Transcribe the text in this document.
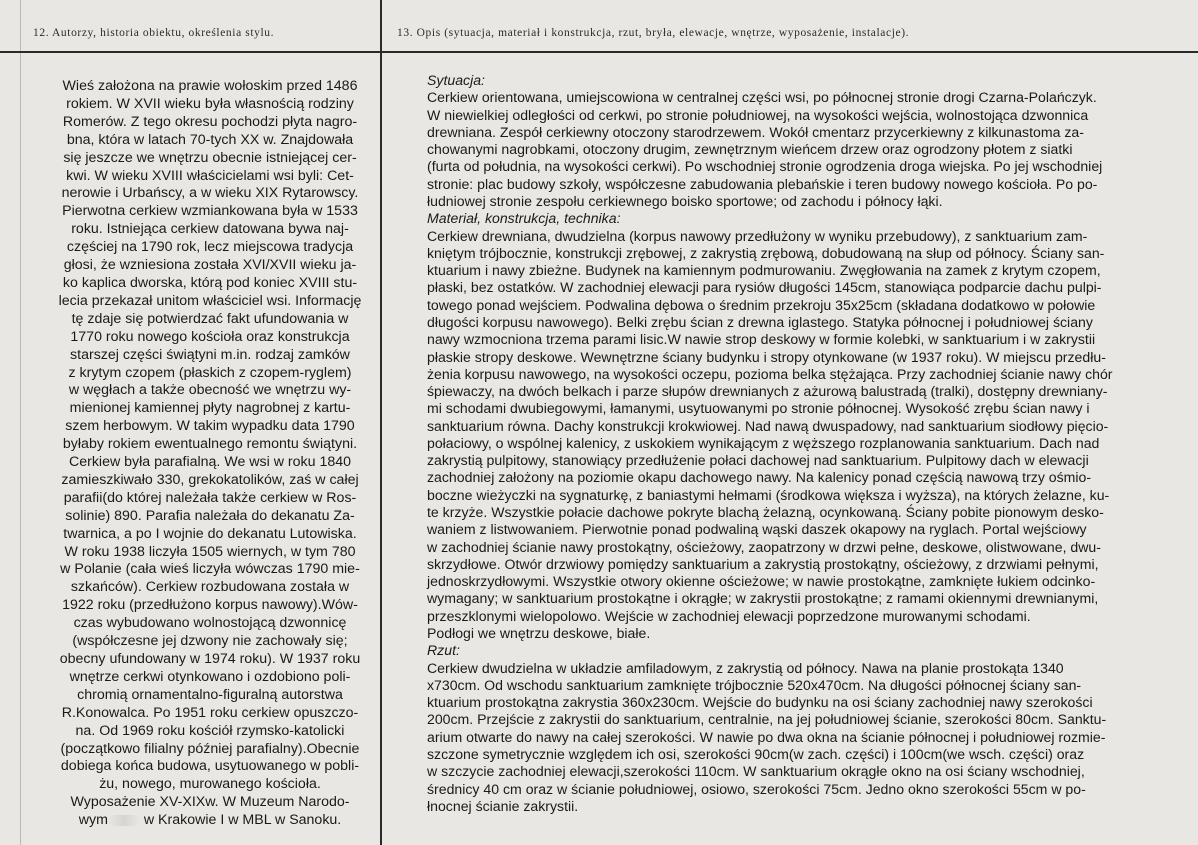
12. Autorzy, historia obiektu, określenia stylu.	13. Opis (sytuacja, materiał i konstrukcja, rzut, bryła, elewacje, wnętrze, wyposażenie, instalacje).
Wieś założona na prawie wołoskim przed 1486
rokiem. W XVII wieku była własnością rodziny
Romerów. Z tego okresu pochodzi płyta nagro-
bna, która w latach 70-tych XX w. Znajdowała
się jeszcze we wnętrzu obecnie istniejącej cer-
kwi. W wieku XVIII właścicielami wsi byli: Cet-
nerowie i Urbańscy, a w wieku XIX Rytarowscy.
Pierwotna cerkiew wzmiankowana była w 1533
roku. Istniejąca cerkiew datowana bywa naj-
częściej na 1790 rok, lecz miejscowa tradycja
głosi, że wzniesiona została XVI/XVII wieku ja-
ko kaplica dworska, którą pod koniec XVIII stu-
lecia przekazał unitom właściciel wsi. Informację
tę zdaje się potwierdzać fakt ufundowania w
1770 roku nowego kościoła oraz konstrukcja
starszej części świątyni m.in. rodzaj zamków
z krytym czopem (płaskich z czopem-ryglem)
w węgłach a także obecność we wnętrzu wy-
mienionej kamiennej płyty nagrobnej z kartu-
szem herbowym. W takim wypadku data 1790
byłaby rokiem ewentualnego remontu świątyni.
Cerkiew była parafialną. We wsi w roku 1840
zamieszkiwało 330, grekokatolików, zaś w całej
parafii(do której należała także cerkiew w Ros-
solinie) 890. Parafia należała do dekanatu Za-
twarnica, a po I wojnie do dekanatu Lutowiska.
W roku 1938 liczyła 1505 wiernych, w tym 780
w Polanie (cała wieś liczyła wówczas 1790 mie-
szkańców). Cerkiew rozbudowana została w
1922 roku (przedłużono korpus nawowy).Wów-
czas wybudowano wolnostojącą dzwonnicę
(współczesne jej dzwony nie zachowały się;
obecny ufundowany w 1974 roku). W 1937 roku
wnętrze cerkwi otynkowano i ozdobiono poli-
chromią ornamentalno-figuralną autorstwa
R.Konowalca. Po 1951 roku cerkiew opuszczo-
na. Od 1969 roku kościół rzymsko-katolicki
(początkowo filialny później parafialny).Obecnie
dobiega końca budowa, usytuowanego w pobli-
żu, nowego, murowanego kościoła.
Wyposażenie XV-XIXw. W Muzeum Narodo-
wym w Krakowie I w MBL w Sanoku.
Sytuacja:
Cerkiew orientowana, umiejscowiona w centralnej części wsi, po północnej stronie drogi Czarna-Polańczyk.
W niewielkiej odległości od cerkwi, po stronie południowej, na wysokości wejścia, wolnostojąca dzwonnica
drewniana. Zespół cerkiewny otoczony starodrzewem. Wokół cmentarz przycerkiewny z kilkunastoma za-
chowanymi nagrobkami, otoczony drugim, zewnętrznym wieńcem drzew oraz ogrodzony płotem z siatki
(furta od południa, na wysokości cerkwi). Po wschodniej stronie ogrodzenia droga wiejska. Po jej wschodniej
stronie: plac budowy szkoły, współczesne zabudowania plebańskie i teren budowy nowego kościoła. Po po-
łudniowej stronie zespołu cerkiewnego boisko sportowe; od zachodu i północy łąki.
Materiał, konstrukcja, technika:
Cerkiew drewniana, dwudzielna (korpus nawowy przedłużony w wyniku przebudowy), z sanktuarium zam-
kniętym trójbocznie, konstrukcji zrębowej, z zakrystią zrębową, dobudowaną na słup od północy. Ściany san-
ktuarium i nawy zbieżne. Budynek na kamiennym podmurowaniu. Zwęgłowania na zamek z krytym czopem,
płaski, bez ostatków. W zachodniej elewacji para rysiów długości 145cm, stanowiąca podparcie dachu pulpi-
towego ponad wejściem. Podwalina dębowa o średnim przekroju 35x25cm (składana dodatkowo w połowie
długości korpusu nawowego). Belki zrębu ścian z drewna iglastego. Statyka północnej i południowej ściany
nawy wzmocniona trzema parami lisic.W nawie strop deskowy w formie kolebki, w sanktuarium i w zakrystii
płaskie stropy deskowe. Wewnętrzne ściany budynku i stropy otynkowane (w 1937 roku). W miejscu przedłu-
żenia korpusu nawowego, na wysokości oczepu, pozioma belka stężająca. Przy zachodniej ścianie nawy chór
śpiewaczy, na dwóch belkach i parze słupów drewnianych z ażurową balustradą (tralki), dostępny drewniany-
mi schodami dwubiegowymi, łamanymi, usytuowanymi po stronie północnej. Wysokość zrębu ścian nawy i
sanktuarium równa. Dachy konstrukcji krokwiowej. Nad nawą dwuspadowy, nad sanktuarium siodłowy pięcio-
połaciowy, o wspólnej kalenicy, z uskokiem wynikającym z węższego rozplanowania sanktuarium. Dach nad
zakrystią pulpitowy, stanowiący przedłużenie połaci dachowej nad sanktuarium. Pulpitowy dach w elewacji
zachodniej założony na poziomie okapu dachowego nawy. Na kalenicy ponad częścią nawową trzy ośmio-
boczne wieżyczki na sygnaturkę, z baniastymi hełmami (środkowa większa i wyższa), na których żelazne, ku-
te krzyże. Wszystkie połacie dachowe pokryte blachą żelazną, ocynkowaną. Ściany pobite pionowym desko-
waniem z listwowaniem. Pierwotnie ponad podwaliną wąski daszek okapowy na ryglach. Portal wejściowy
w zachodniej ścianie nawy prostokątny, ościeżowy, zaopatrzony w drzwi pełne, deskowe, olistwowane, dwu-
skrzydłowe. Otwór drzwiowy pomiędzy sanktuarium a zakrystią prostokątny, ościeżowy, z drzwiami pełnymi,
jednoskrzydłowymi. Wszystkie otwory okienne ościeżowe; w nawie prostokątne, zamknięte łukiem odcinko-
wymagany; w sanktuarium prostokątne i okrągłe; w zakrystii prostokątne; z ramami okiennymi drewnianymi,
przeszklonymi wielopolowo. Wejście w zachodniej elewacji poprzedzone murowanymi schodami.
Podłogi we wnętrzu deskowe, białe.
Rzut:
Cerkiew dwudzielna w układzie amfiladowym, z zakrystią od północy. Nawa na planie prostokąta 1340
x730cm. Od wschodu sanktuarium zamknięte trójbocznie 520x470cm. Na długości północnej ściany san-
ktuarium prostokątna zakrystia 360x230cm. Wejście do budynku na osi ściany zachodniej nawy szerokości
200cm. Przejście z zakrystii do sanktuarium, centralnie, na jej południowej ścianie, szerokości 80cm. Sanktu-
arium otwarte do nawy na całej szerokości. W nawie po dwa okna na ścianie północnej i południowej rozmie-
szczone symetrycznie względem ich osi, szerokości 90cm(w zach. części) i 100cm(we wsch. części) oraz
w szczycie zachodniej elewacji,szerokości 110cm. W sanktuarium okrągłe okno na osi ściany wschodniej,
średnicy 40 cm oraz w ścianie południowej, osiowo, szerokości 75cm. Jedno okno szerokości 55cm w po-
łnocnej ścianie zakrystii.
